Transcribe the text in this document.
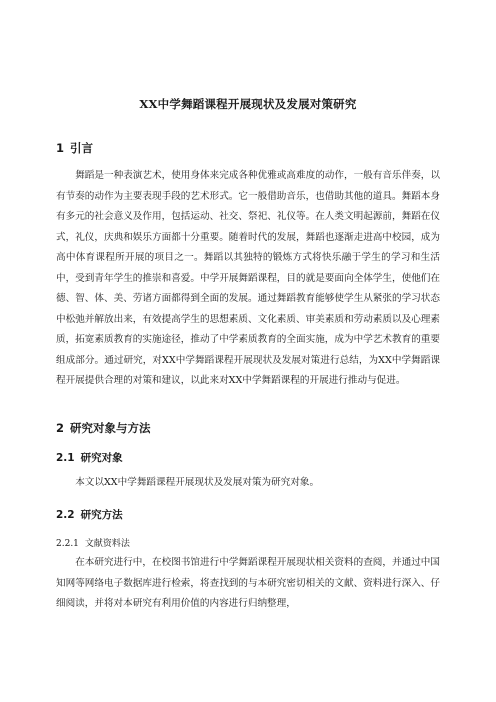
XX中学舞蹈课程开展现状及发展对策研究
1 引言

舞蹈是一种表演艺术，使用身体来完成各种优雅或高难度的动作，一般有音乐伴奏，以有节奏的动作为主要表现手段的艺术形式。它一般借助音乐，也借助其他的道具。舞蹈本身有多元的社会意义及作用，包括运动、社交、祭祀、礼仪等。在人类文明起源前，舞蹈在仪式，礼仪，庆典和娱乐方面都十分重要。随着时代的发展，舞蹈也逐渐走进高中校园，成为高中体育课程所开展的项目之一。舞蹈以其独特的锻炼方式将快乐融于学生的学习和生活中，受到青年学生的推崇和喜爱。中学开展舞蹈课程，目的就是要面向全体学生，使他们在德、智、体、美、劳诸方面都得到全面的发展。通过舞蹈教育能够使学生从紧张的学习状态中松弛并解放出来，有效提高学生的思想素质、文化素质、审美素质和劳动素质以及心理素质，拓宽素质教育的实施途径，推动了中学素质教育的全面实施，成为中学艺术教育的重要组成部分。通过研究，对XX中学舞蹈课程开展现状及发展对策进行总结，为XX中学舞蹈课程开展提供合理的对策和建议，以此来对XX中学舞蹈课程的开展进行推动与促进。

2 研究对象与方法
2.1 研究对象

本文以XX中学舞蹈课程开展现状及发展对策为研究对象。

2.2 研究方法
2.2.1 文献资料法

在本研究进行中，在校图书馆进行中学舞蹈课程开展现状相关资料的查阅，并通过中国知网等网络电子数据库进行检索，将查找到的与本研究密切相关的文献、资料进行深入、仔细阅读，并将对本研究有利用价值的内容进行归纳整理，
